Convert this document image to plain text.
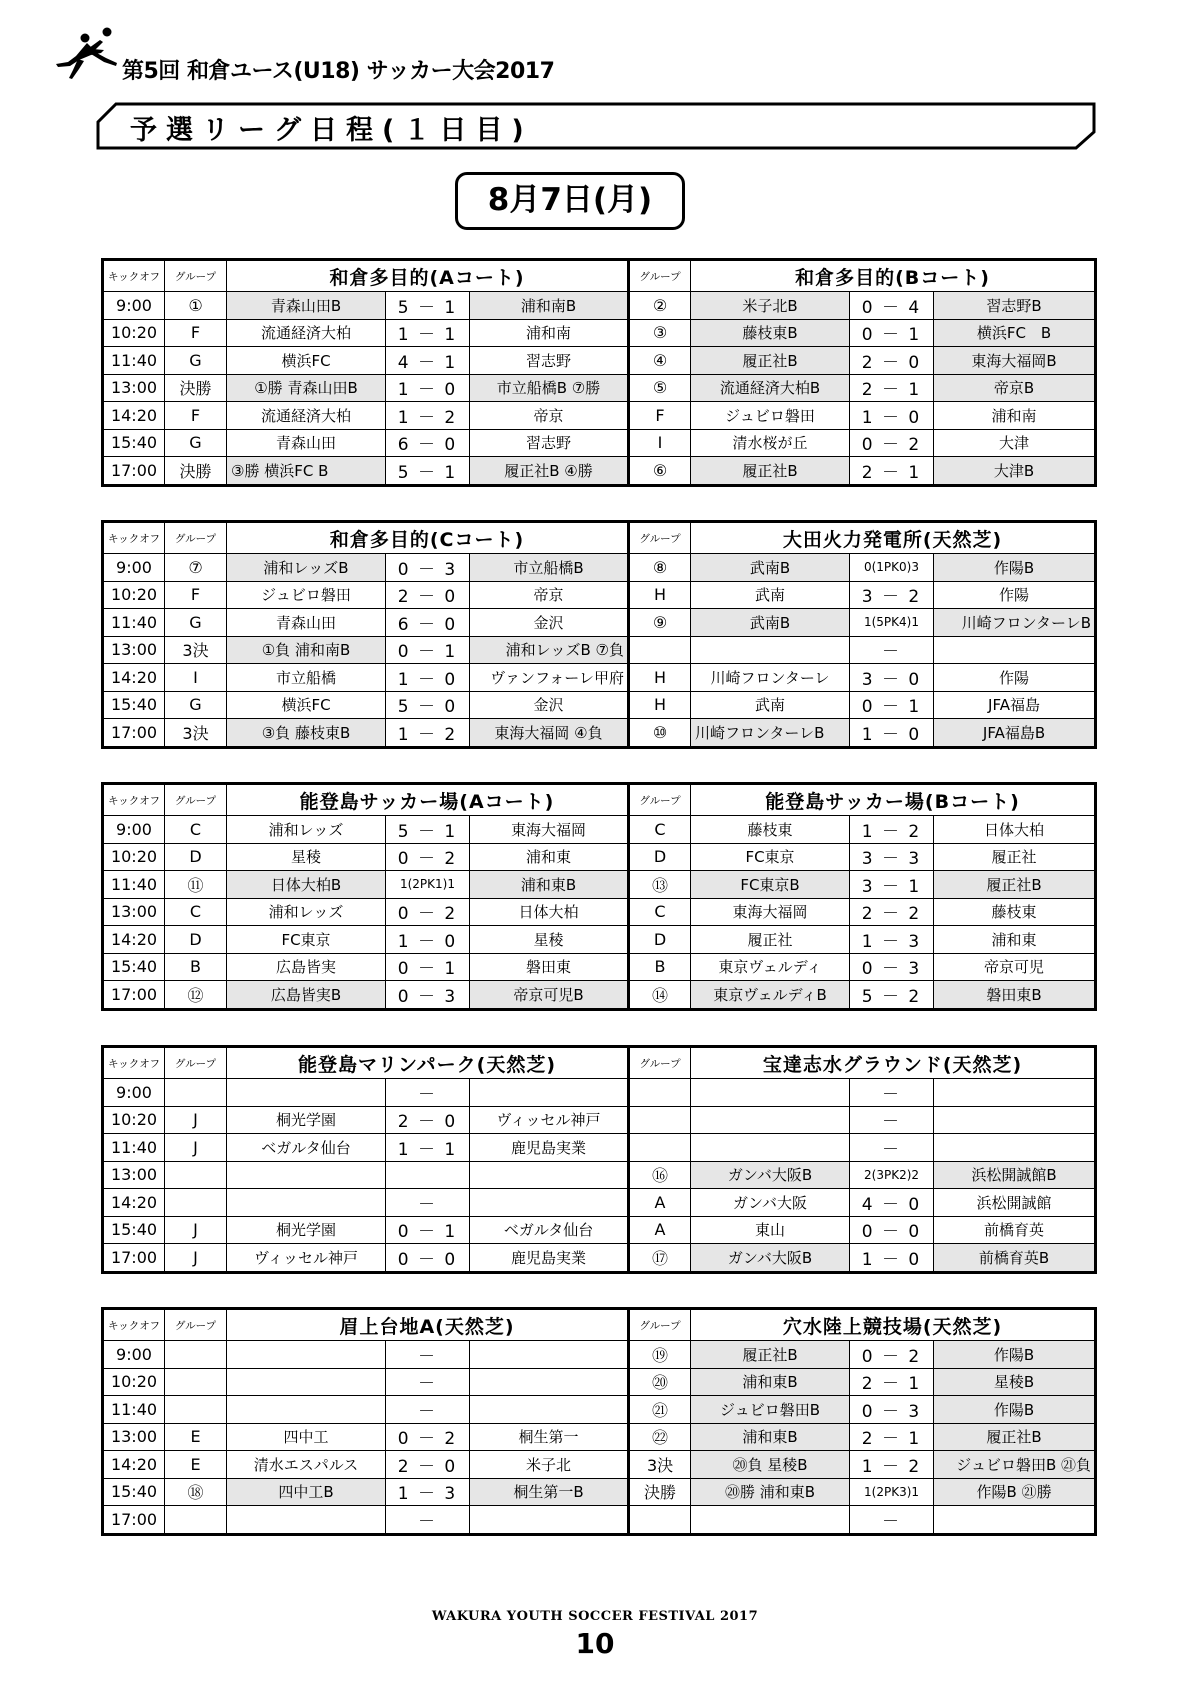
第5回 和倉ユース(U18) サッカー大会2017
予選リーグ日程(１日目)
8月7日(月)
キックオフ	グループ	和倉多目的(Aコート)			グループ	和倉多目的(Bコート)		
9:00	①	青森山田B	5 － 1	浦和南B	②	米子北B	0 － 4	習志野B
10:20	F	流通経済大柏	1 － 1	浦和南	③	藤枝東B	0 － 1	横浜FC　B
11:40	G	横浜FC	4 － 1	習志野	④	履正社B	2 － 0	東海大福岡B
13:00	決勝	①勝 青森山田B	1 － 0	市立船橋B ⑦勝	⑤	流通経済大柏B	2 － 1	帝京B
14:20	F	流通経済大柏	1 － 2	帝京	F	ジュビロ磐田	1 － 0	浦和南
15:40	G	青森山田	6 － 0	習志野	I	清水桜が丘	0 － 2	大津
17:00	決勝	③勝 横浜FC B	5 － 1	履正社B ④勝	⑥	履正社B	2 － 1	大津B
キックオフ	グループ	和倉多目的(Cコート)			グループ	大田火力発電所(天然芝)		
9:00	⑦	浦和レッズB	0 － 3	市立船橋B	⑧	武南B	0(1PK0)3	作陽B
10:20	F	ジュビロ磐田	2 － 0	帝京	H	武南	3 － 2	作陽
11:40	G	青森山田	6 － 0	金沢	⑨	武南B	1(5PK4)1	川崎フロンターレB
13:00	3決	①負 浦和南B	0 － 1	浦和レッズB ⑦負			－	
14:20	I	市立船橋	1 － 0	ヴァンフォーレ甲府	H	川崎フロンターレ	3 － 0	作陽
15:40	G	横浜FC	5 － 0	金沢	H	武南	0 － 1	JFA福島
17:00	3決	③負 藤枝東B	1 － 2	東海大福岡 ④負	⑩	川崎フロンターレB	1 － 0	JFA福島B
キックオフ	グループ	能登島サッカー場(Aコート)			グループ	能登島サッカー場(Bコート)		
9:00	C	浦和レッズ	5 － 1	東海大福岡	C	藤枝東	1 － 2	日体大柏
10:20	D	星稜	0 － 2	浦和東	D	FC東京	3 － 3	履正社
11:40	⑪	日体大柏B	1(2PK1)1	浦和東B	⑬	FC東京B	3 － 1	履正社B
13:00	C	浦和レッズ	0 － 2	日体大柏	C	東海大福岡	2 － 2	藤枝東
14:20	D	FC東京	1 － 0	星稜	D	履正社	1 － 3	浦和東
15:40	B	広島皆実	0 － 1	磐田東	B	東京ヴェルディ	0 － 3	帝京可児
17:00	⑫	広島皆実B	0 － 3	帝京可児B	⑭	東京ヴェルディB	5 － 2	磐田東B
キックオフ	グループ	能登島マリンパーク(天然芝)			グループ	宝達志水グラウンド(天然芝)		
9:00			－				－	
10:20	J	桐光学園	2 － 0	ヴィッセル神戸			－	
11:40	J	ベガルタ仙台	1 － 1	鹿児島実業			－	
13:00					⑯	ガンバ大阪B	2(3PK2)2	浜松開誠館B
14:20			－		A	ガンバ大阪	4 － 0	浜松開誠館
15:40	J	桐光学園	0 － 1	ベガルタ仙台	A	東山	0 － 0	前橋育英
17:00	J	ヴィッセル神戸	0 － 0	鹿児島実業	⑰	ガンバ大阪B	1 － 0	前橋育英B
キックオフ	グループ	眉上台地A(天然芝)			グループ	穴水陸上競技場(天然芝)		
9:00			－		⑲	履正社B	0 － 2	作陽B
10:20			－		⑳	浦和東B	2 － 1	星稜B
11:40			－		㉑	ジュビロ磐田B	0 － 3	作陽B
13:00	E	四中工	0 － 2	桐生第一	㉒	浦和東B	2 － 1	履正社B
14:20	E	清水エスパルス	2 － 0	米子北	3決	⑳負 星稜B	1 － 2	ジュビロ磐田B ㉑負
15:40	⑱	四中工B	1 － 3	桐生第一B	決勝	⑳勝 浦和東B	1(2PK3)1	作陽B ㉑勝
17:00			－				－	
WAKURA YOUTH SOCCER FESTIVAL 2017
10
